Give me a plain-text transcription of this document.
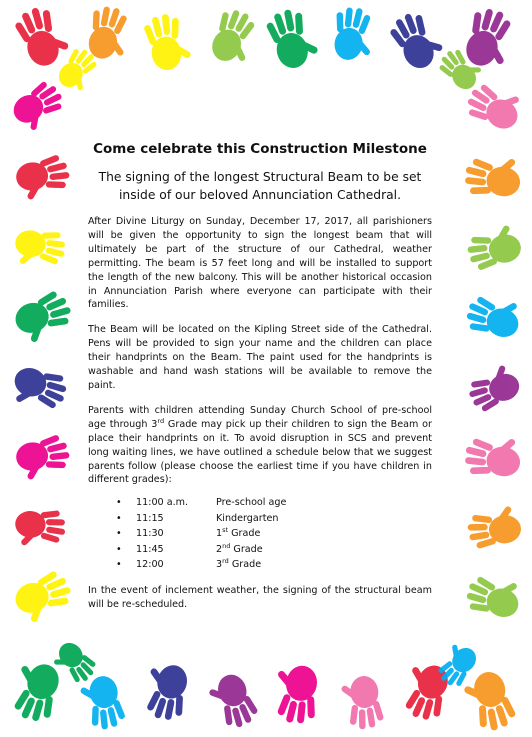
Come celebrate this Construction Milestone
The signing of the longest Structural Beam to be set
inside of our beloved Annunciation Cathedral.

After Divine Liturgy on Sunday, December 17, 2017, all parishioners will be given the opportunity to sign the longest beam that will ultimately be part of the structure of our Cathedral, weather permitting. The beam is 57 feet long and will be installed to support the length of the new balcony. This will be another historical occasion in Annunciation Parish where everyone can participate with their families.

The Beam will be located on the Kipling Street side of the Cathedral. Pens will be provided to sign your name and the children can place their handprints on the Beam. The paint used for the handprints is washable and hand wash stations will be available to remove the paint.

Parents with children attending Sunday Church School of pre-school age through 3rd Grade may pick up their children to sign the Beam or place their handprints on it. To avoid disruption in SCS and prevent long waiting lines, we have outlined a schedule below that we suggest parents follow (please choose the earliest time if you have children in different grades):

• 11:00 a.m.	Pre-school age
• 11:15	Kindergarten
• 11:30	1st Grade
• 11:45	2nd Grade
• 12:00	3rd Grade

In the event of inclement weather, the signing of the structural beam will be re-scheduled.
